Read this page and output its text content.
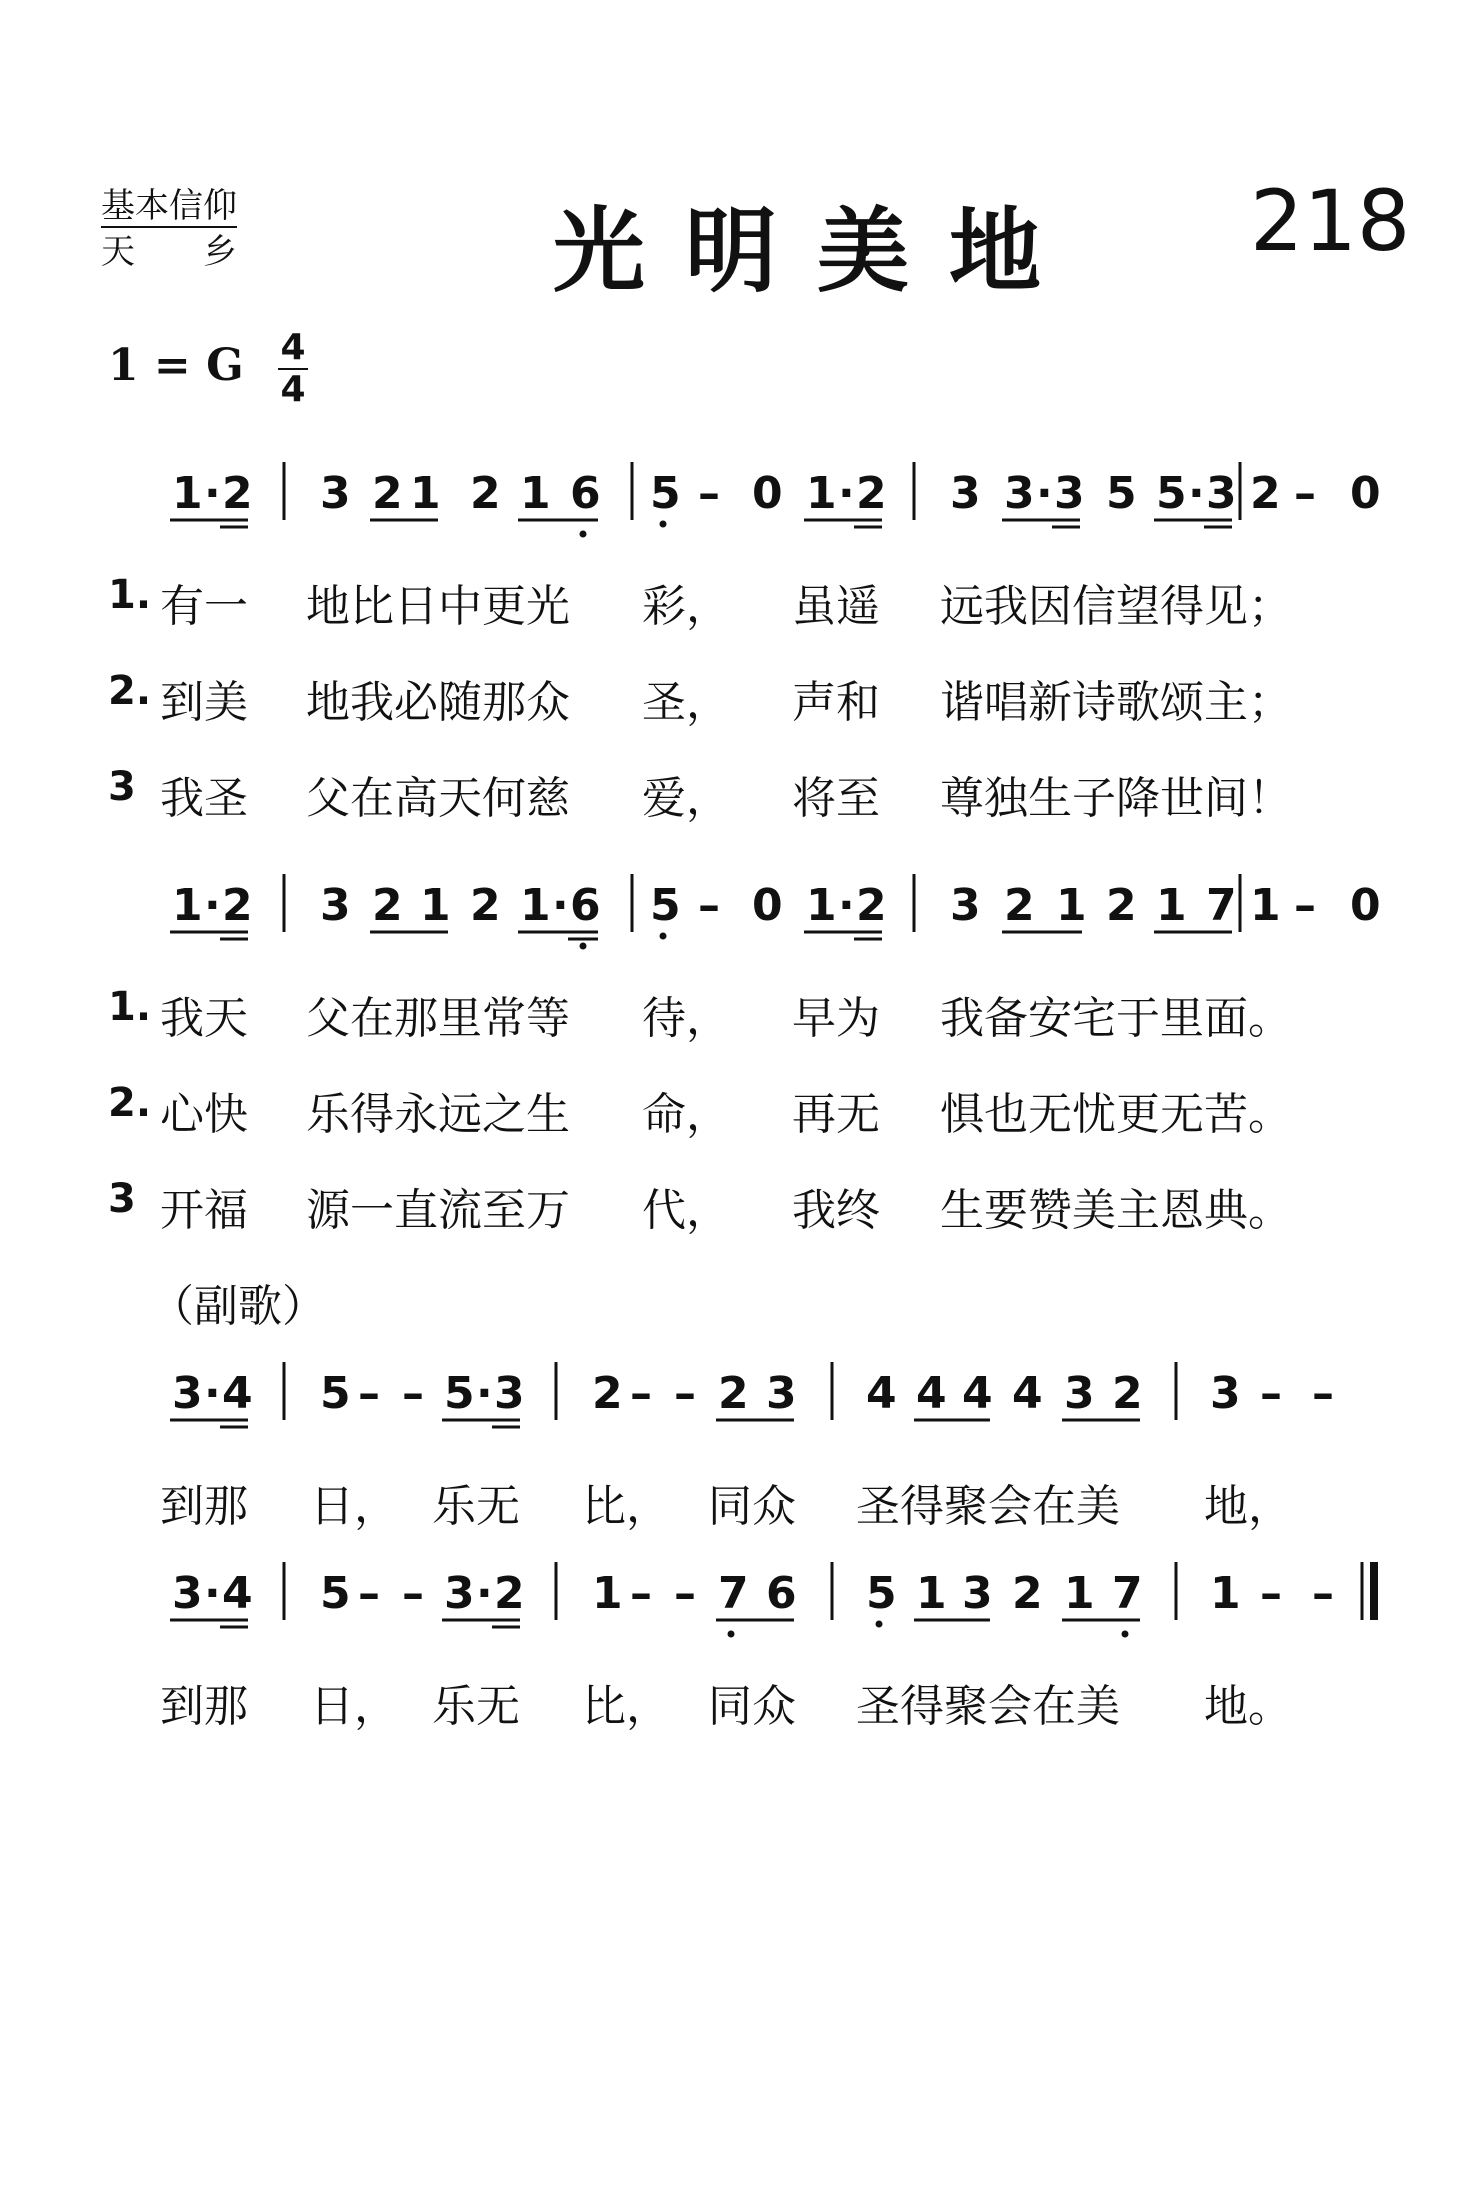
基本信仰
天　　乡	光明美地 218
1 = G 4
4
1 · 2 3 2 1 2 1 6 5 – 0 1 · 2 3 3 · 3 5 5 · 3 2 – 0
1. 有一 地比日中更光 彩， 虽遥 远我因信望得见；
2. 到美 地我必随那众 圣， 声和 谐唱新诗歌颂主；
3 我圣 父在高天何慈 爱， 将至 尊独生子降世间！
1 · 2 3 2 1 2 1 · 6 5 – 0 1 · 2 3 2 1 2 1 7 1 – 0
1. 我天 父在那里常等 待， 早为 我备安宅于里面。
2. 心快 乐得永远之生 命， 再无 惧也无忧更无苦。
3 开福 源一直流至万 代， 我终 生要赞美主恩典。
（副歌）
3 · 4 5 – – 5 · 3 2 – – 2 3 4 4 4 4 3 2 3 – –
到那 日， 乐无 比， 同众 圣得聚会在美 地，
3 · 4 5 – – 3 · 2 1 – – 7 6 5 1 3 2 1 7 1 – –
到那 日， 乐无 比， 同众 圣得聚会在美 地。
